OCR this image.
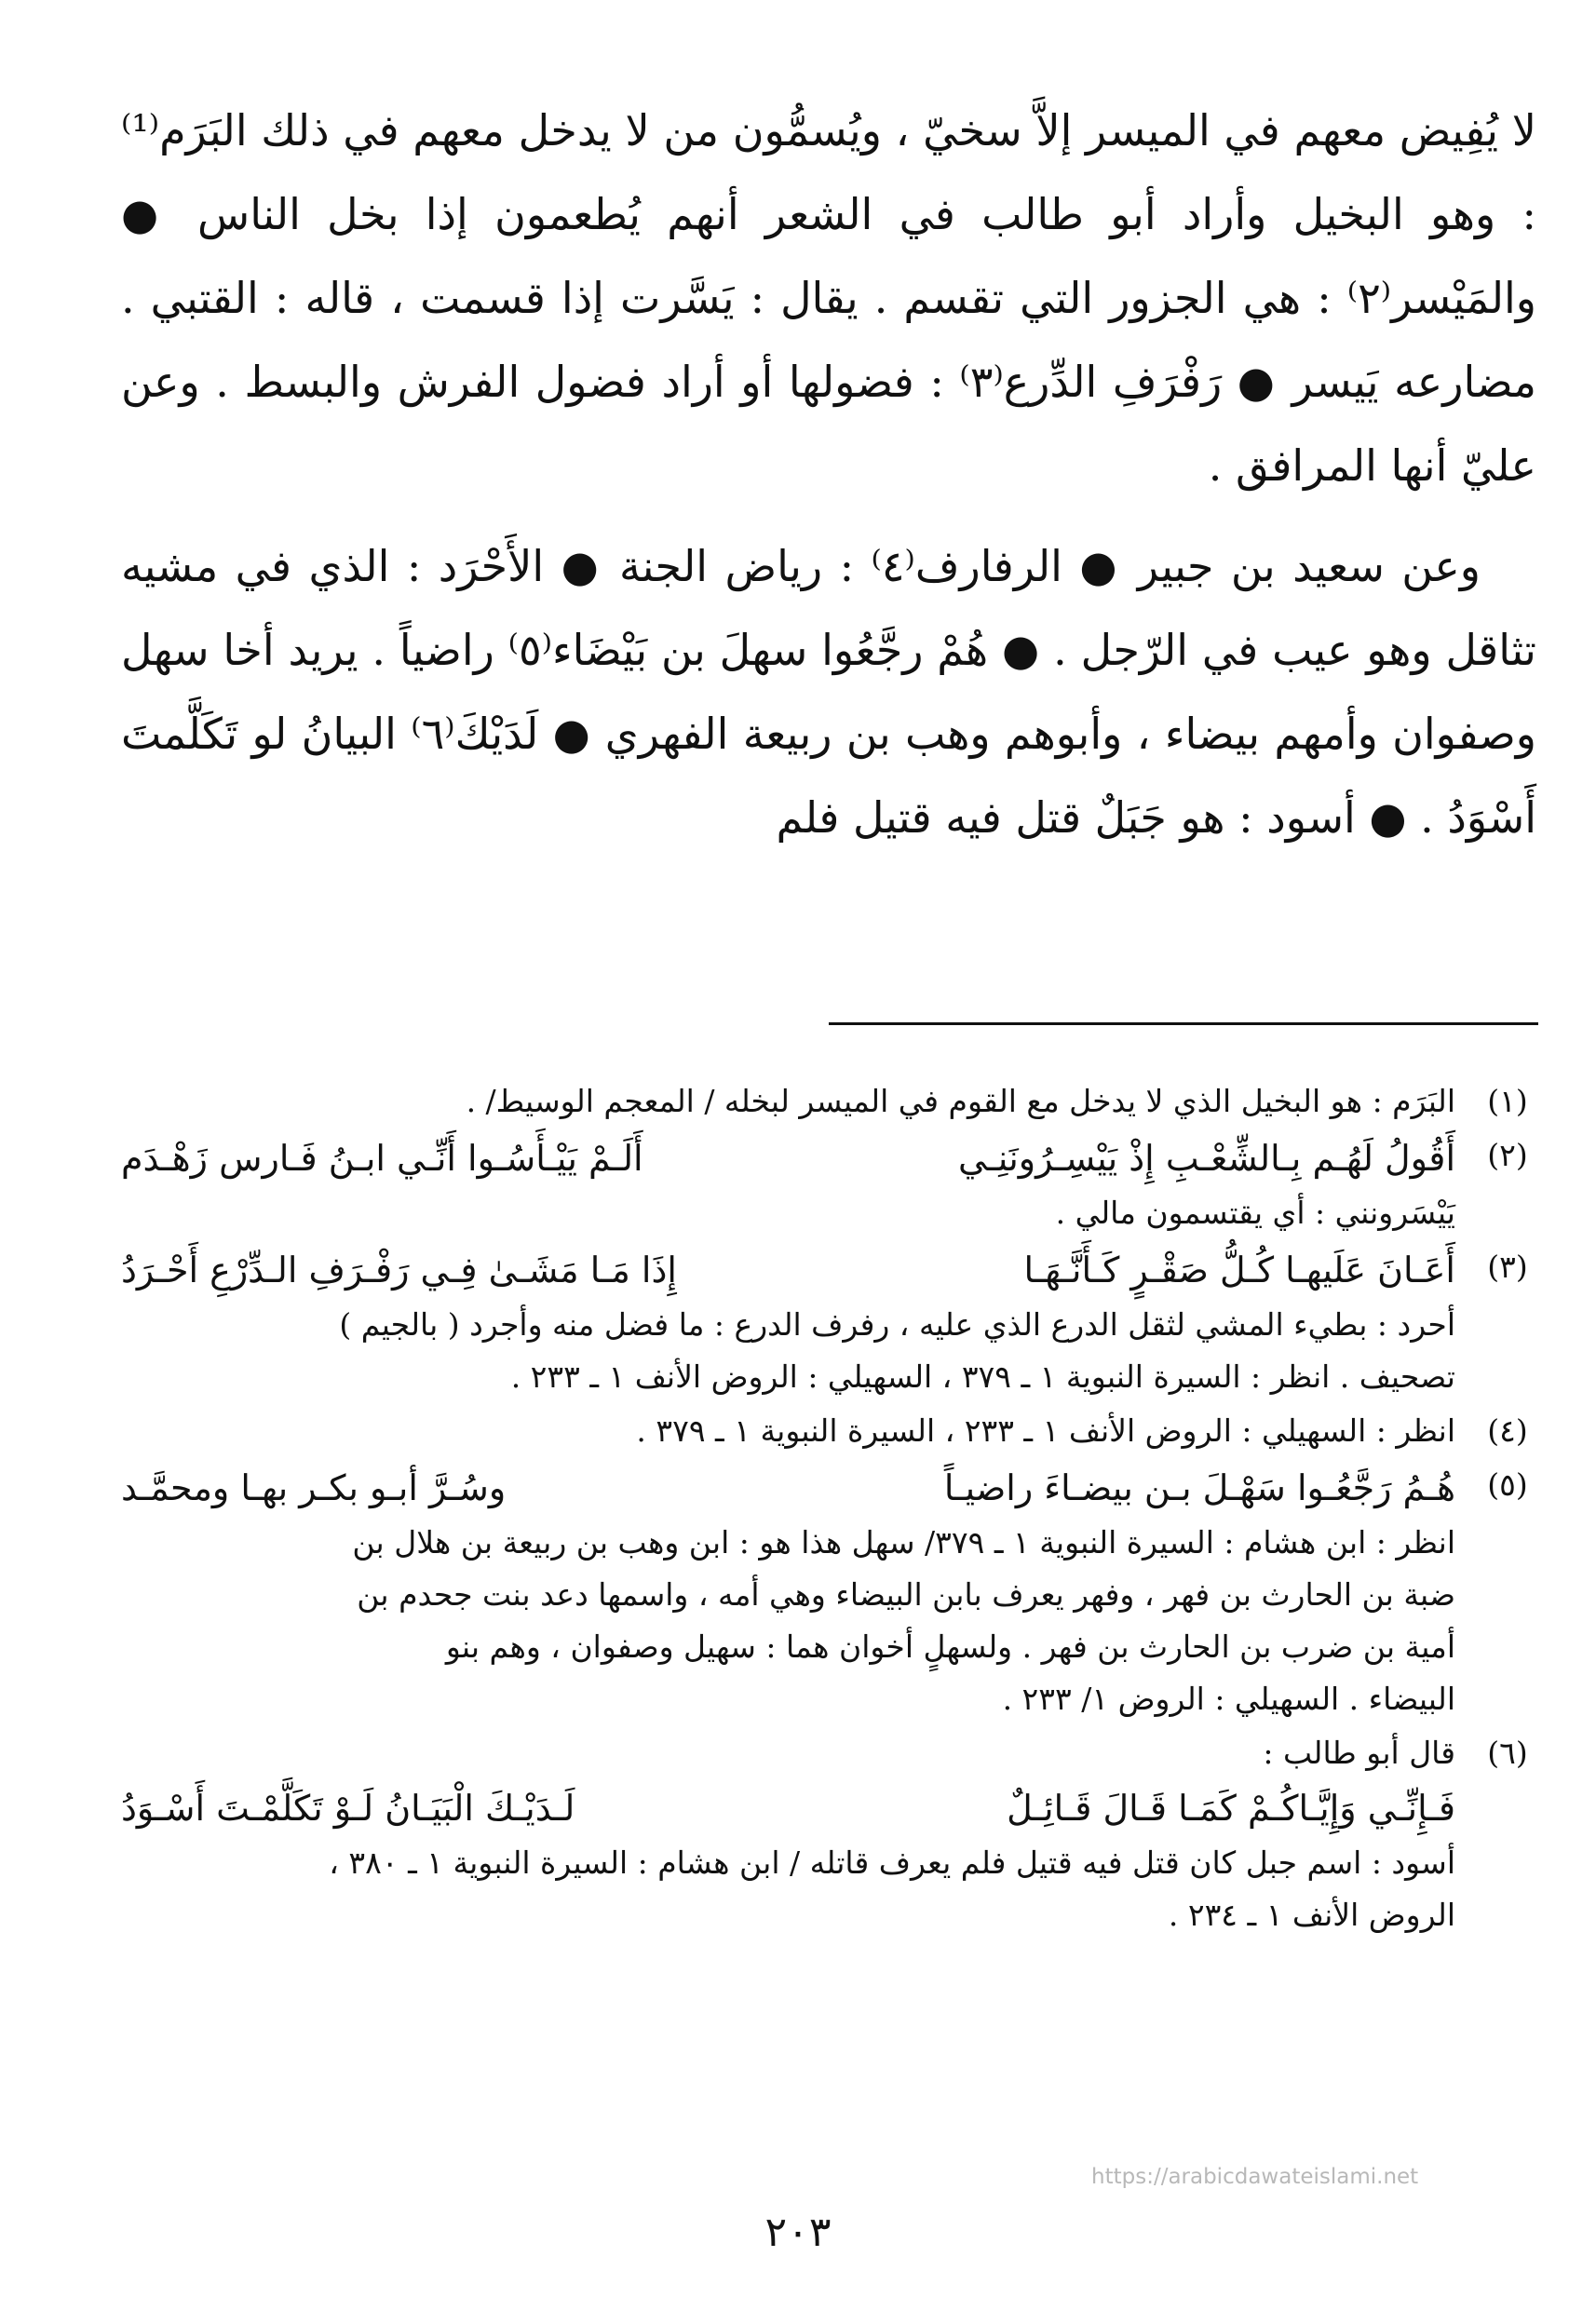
لا يُفِيض معهم في الميسر إلاَّ سخيّ ، ويُسمُّون من لا يدخل معهم في ذلك البَرَم⁽¹⁾ : وهو البخيل وأراد أبو طالب في الشعر أنهم يُطعمون إذا بخل الناس ● والمَيْسر⁽٢⁾ : هي الجزور التي تقسم . يقال : يَسَّرت إذا قسمت ، قاله : القتبي . مضارعه يَيسر ● رَفْرَفِ الدِّرع⁽٣⁾ : فضولها أو أراد فضول الفرش والبسط . وعن عليّ أنها المرافق .

وعن سعيد بن جبير ● الرفارف⁽٤⁾ : رياض الجنة ● الأَحْرَد : الذي في مشيه تثاقل وهو عيب في الرّجل . ● هُمْ رجَّعُوا سهلَ بن بَيْضَاء⁽٥⁾ راضياً . يريد أخا سهل وصفوان وأمهم بيضاء ، وأبوهم وهب بن ربيعة الفهري ● لَدَيْكَ⁽٦⁾ البيانُ لو تَكَلَّمتَ أَسْوَدُ . ● أسود : هو جَبَلٌ قتل فيه قتيل فلم

(١)
البَرَم : هو البخيل الذي لا يدخل مع القوم في الميسر لبخله / المعجم الوسيط/ .
(٢)
أَقُولُ لَهُـم بِـالشِّعْـبِ إِذْ يَيْسِـرُونَنِـي
أَلَـمْ يَيْـأَسُـوا أَنِّـي ابـنُ فَـارس زَهْـدَم
يَيْسَرونني : أي يقتسمون مالي .
(٣)
أَعَـانَ عَلَيهـا كُـلُّ صَقْـرٍ كَـأَنَّـهَـا
إِذَا مَـا مَشَـىٰ فِـي رَفْـرَفِ الـدِّرْعِ أَحْـرَدُ
أحرد : بطيء المشي لثقل الدرع الذي عليه ، رفرف الدرع : ما فضل منه وأجرد ( بالجيم )
تصحيف . انظر : السيرة النبوية ١ ـ ٣٧٩ ، السهيلي : الروض الأنف ١ ـ ٢٣٣ .
(٤)
انظر : السهيلي : الروض الأنف ١ ـ ٢٣٣ ، السيرة النبوية ١ ـ ٣٧٩ .
(٥)
هُـمُ رَجَّعُـوا سَهْـلَ بـن بيضـاءَ راضيـاً
وسُـرَّ أبـو بكـر بهـا ومحمَّـد
انظر : ابن هشام : السيرة النبوية ١ ـ ٣٧٩/ سهل هذا هو : ابن وهب بن ربيعة بن هلال بن
ضبة بن الحارث بن فهر ، وفهر يعرف بابن البيضاء وهي أمه ، واسمها دعد بنت جحدم بن
أمية بن ضرب بن الحارث بن فهر . ولسهلٍ أخوان هما : سهيل وصفوان ، وهم بنو
البيضاء . السهيلي : الروض ١/ ٢٣٣ .
(٦)
قال أبو طالب :
فَـإِنِّـي وَإِيَّـاكُـمْ كَمَـا قَـالَ قَـائِـلٌ
لَـدَيْـكَ الْبَيَـانُ لَـوْ تَكَلَّمْـتَ أَسْـوَدُ
أسود : اسم جبل كان قتل فيه قتيل فلم يعرف قاتله / ابن هشام : السيرة النبوية ١ ـ ٣٨٠ ،
الروض الأنف ١ ـ ٢٣٤ .
https://arabicdawateislami.net
٢٠٣
